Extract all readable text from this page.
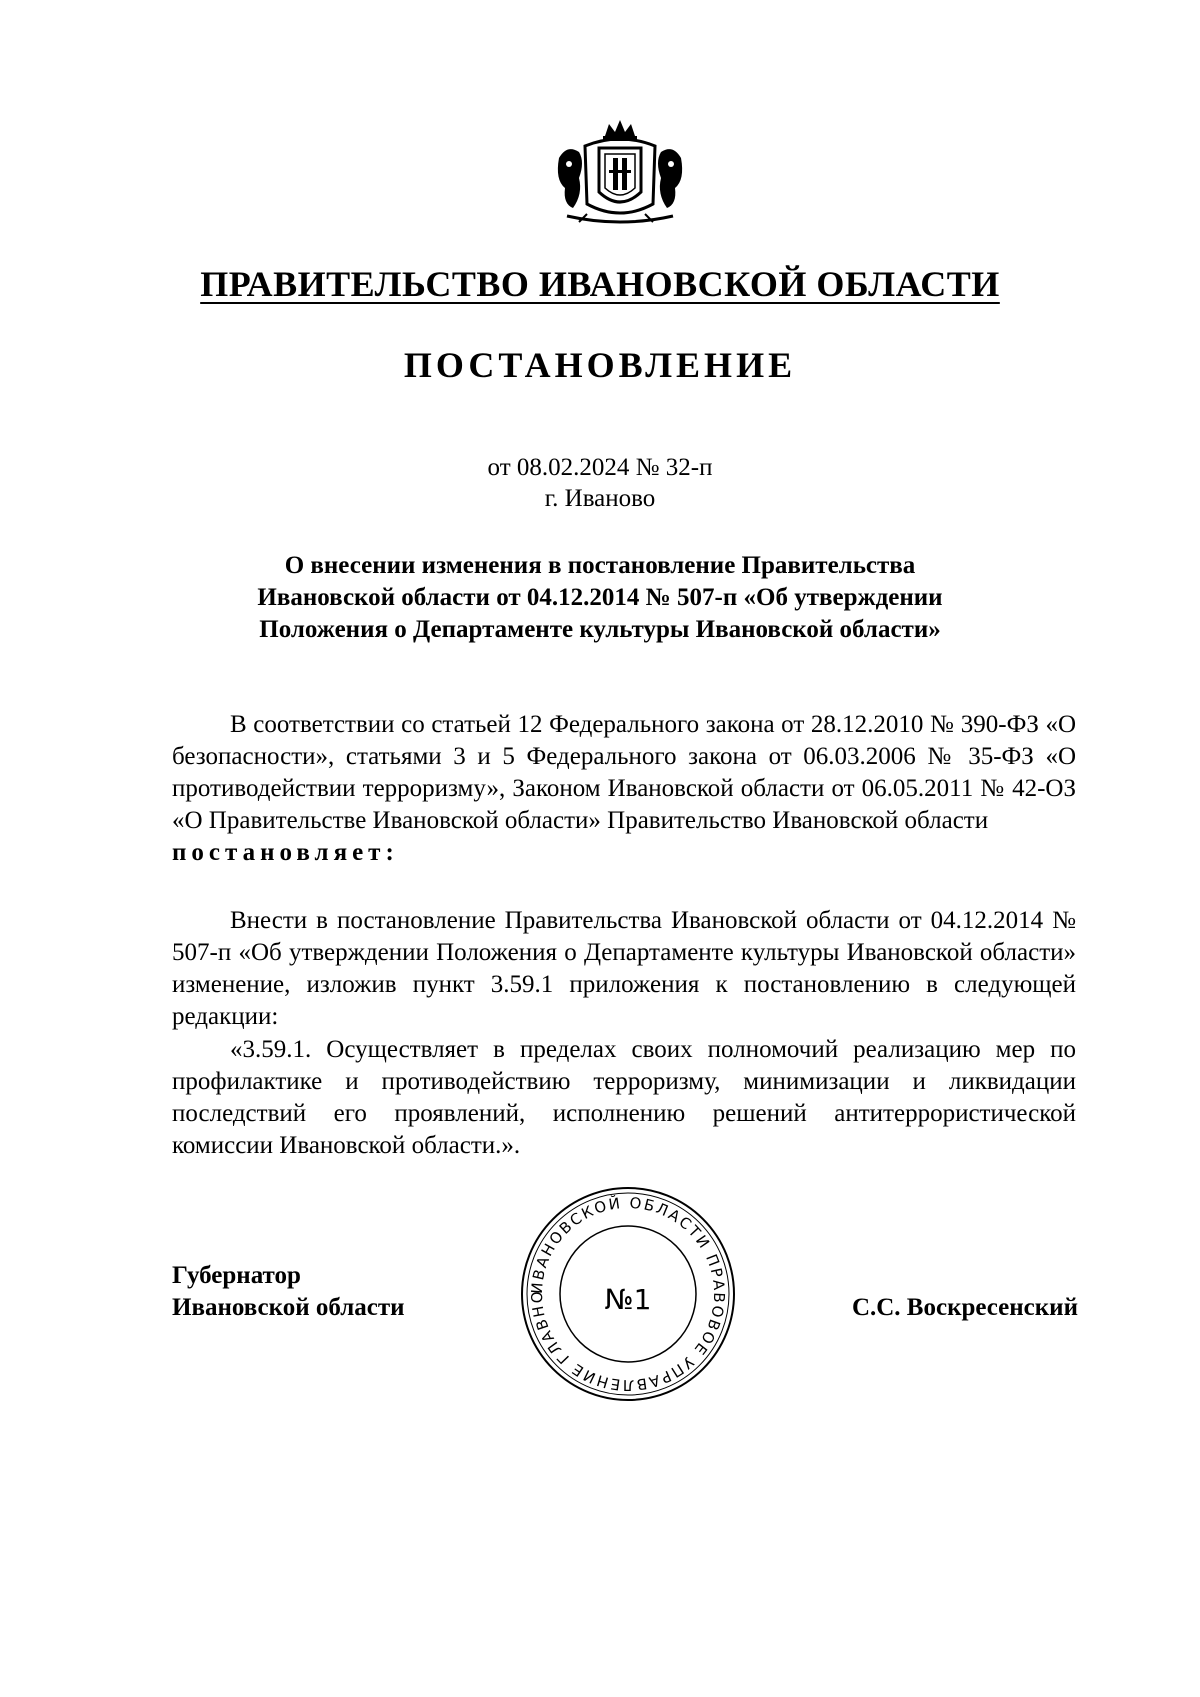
ПРАВИТЕЛЬСТВО ИВАНОВСКОЙ ОБЛАСТИ
ПОСТАНОВЛЕНИЕ
от 08.02.2024 № 32-п
г. Иваново
О внесении изменения в постановление Правительства
Ивановской области от 04.12.2014 № 507-п «Об утверждении
Положения о Департаменте культуры Ивановской области»

В соответствии со статьей 12 Федерального закона от 28.12.2010 № 390-ФЗ «О безопасности», статьями 3 и 5 Федерального закона от 06.03.2006 № 35-ФЗ «О противодействии терроризму», Законом Ивановской области от 06.05.2011 № 42-ОЗ «О Правительстве Ивановской области» Правительство Ивановской области
постановляет:

Внести в постановление Правительства Ивановской области от 04.12.2014 № 507-п «Об утверждении Положения о Департаменте культуры Ивановской области» изменение, изложив пункт 3.59.1 приложения к постановлению в следующей редакции:

«3.59.1. Осуществляет в пределах своих полномочий реализацию мер по профилактике и противодействию терроризму, минимизации и ликвидации последствий его проявлений, исполнению решений антитеррористической комиссии Ивановской области.».

Губернатор
Ивановской области
ИВАНОВСКОЙ ОБЛАСТИ ПРАВОВОЕ УПРАВЛЕНИЕ ГЛАВНО	№1	С.С. Воскресенский
